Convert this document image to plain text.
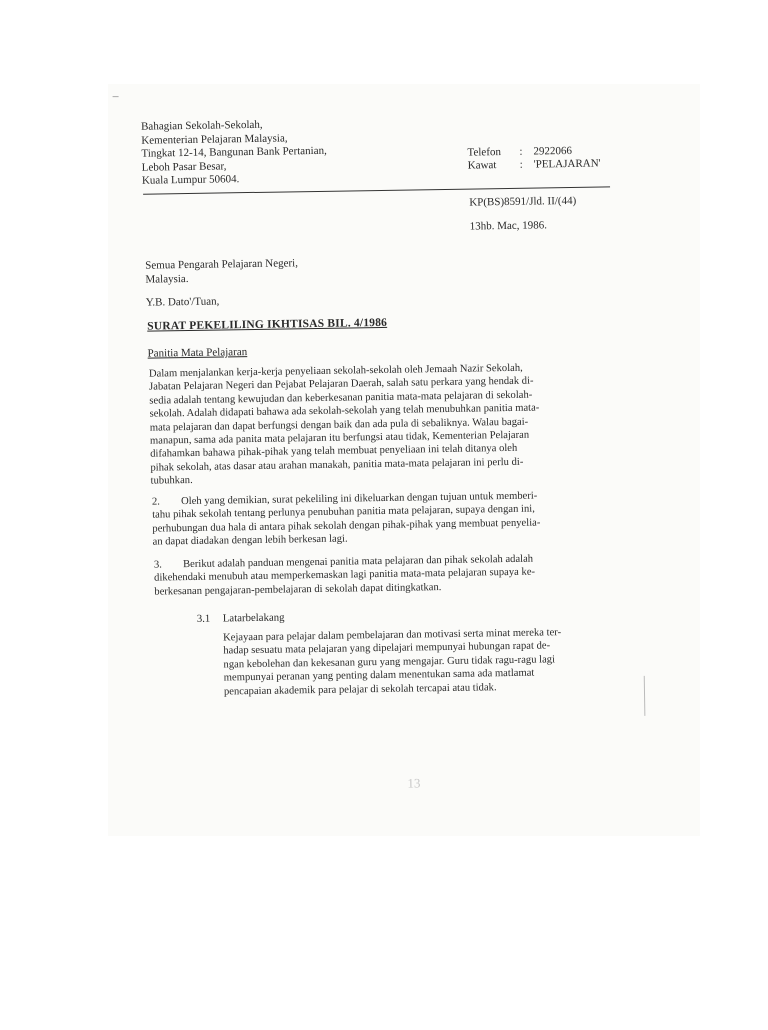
Bahagian Sekolah-Sekolah,
Kementerian Pelajaran Malaysia,
Tingkat 12-14, Bangunan Bank Pertanian,
Leboh Pasar Besar,
Kuala Lumpur 50604.
Telefon : 2922066
Kawat : 'PELAJARAN'
KP(BS)8591/Jld. II/(44)
13hb. Mac, 1986.
Semua Pengarah Pelajaran Negeri,
Malaysia.
Y.B. Dato'/Tuan,
SURAT PEKELILING IKHTISAS BIL. 4/1986
Panitia Mata Pelajaran
Dalam menjalankan kerja-kerja penyeliaan sekolah-sekolah oleh Jemaah Nazir Sekolah,
Jabatan Pelajaran Negeri dan Pejabat Pelajaran Daerah, salah satu perkara yang hendak di-
sedia adalah tentang kewujudan dan keberkesanan panitia mata-mata pelajaran di sekolah-
sekolah. Adalah didapati bahawa ada sekolah-sekolah yang telah menubuhkan panitia mata-
mata pelajaran dan dapat berfungsi dengan baik dan ada pula di sebaliknya. Walau bagai-
manapun, sama ada panita mata pelajaran itu berfungsi atau tidak, Kementerian Pelajaran
difahamkan bahawa pihak-pihak yang telah membuat penyeliaan ini telah ditanya oleh
pihak sekolah, atas dasar atau arahan manakah, panitia mata-mata pelajaran ini perlu di-
tubuhkan.
2.        Oleh yang demikian, surat pekeliling ini dikeluarkan dengan tujuan untuk memberi-
tahu pihak sekolah tentang perlunya penubuhan panitia mata pelajaran, supaya dengan ini,
perhubungan dua hala di antara pihak sekolah dengan pihak-pihak yang membuat penyelia-
an dapat diadakan dengan lebih berkesan lagi.
3.        Berikut adalah panduan mengenai panitia mata pelajaran dan pihak sekolah adalah
dikehendaki menubuh atau memperkemaskan lagi panitia mata-mata pelajaran supaya ke-
berkesanan pengajaran-pembelajaran di sekolah dapat ditingkatkan.
3.1 Latarbelakang
Kejayaan para pelajar dalam pembelajaran dan motivasi serta minat mereka ter-
hadap sesuatu mata pelajaran yang dipelajari mempunyai hubungan rapat de-
ngan kebolehan dan kekesanan guru yang mengajar. Guru tidak ragu-ragu lagi
mempunyai peranan yang penting dalam menentukan sama ada matlamat
pencapaian akademik para pelajar di sekolah tercapai atau tidak.
13
